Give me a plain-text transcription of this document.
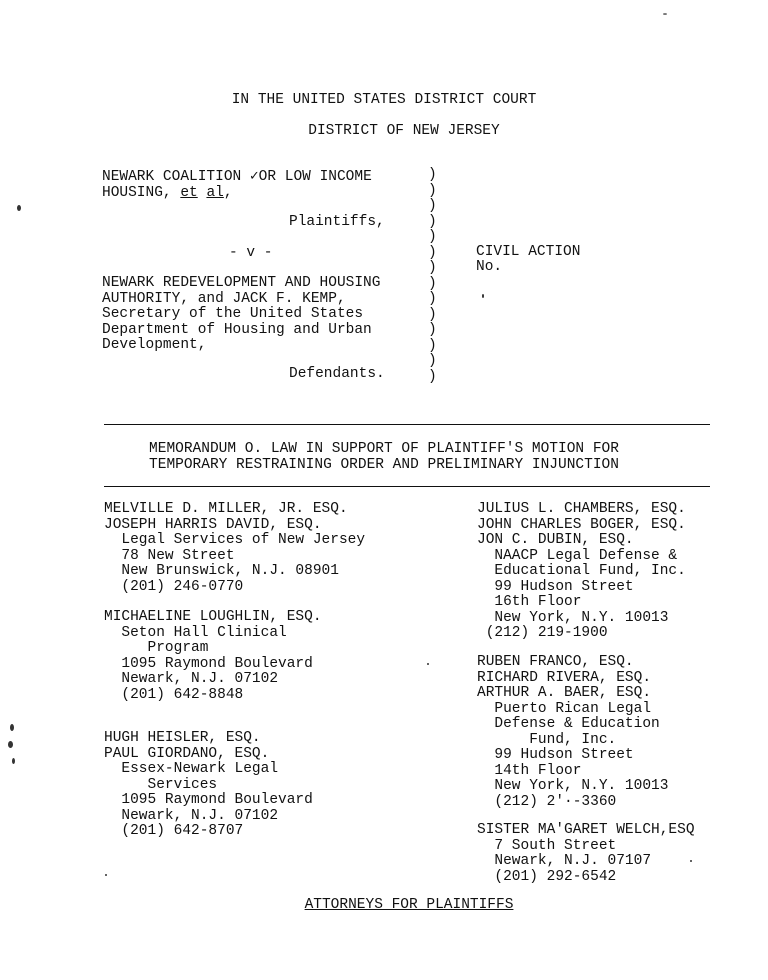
IN THE UNITED STATES DISTRICT COURT

DISTRICT OF NEW JERSEY

NEWARK COALITION ✓OR LOW INCOME

HOUSING, et al,

Plaintiffs,

- v -

NEWARK REDEVELOPMENT AND HOUSING
AUTHORITY, and JACK F. KEMP,
Secretary of the United States
Department of Housing and Urban
Development,

Defendants.

)
)
)
)
)
)
)
)
)
)
)
)
)
)

CIVIL ACTION

No.

MEMORANDUM O. LAW IN SUPPORT OF PLAINTIFF'S MOTION FOR

TEMPORARY RESTRAINING ORDER AND PRELIMINARY INJUNCTION

MELVILLE D. MILLER, JR. ESQ.
JOSEPH HARRIS DAVID, ESQ.
Legal Services of New Jersey
78 New Street
New Brunswick, N.J. 08901
(201) 246-0770
MICHAELINE LOUGHLIN, ESQ.
Seton Hall Clinical
Program
1095 Raymond Boulevard
Newark, N.J. 07102
(201) 642-8848
HUGH HEISLER, ESQ.
PAUL GIORDANO, ESQ.
Essex-Newark Legal
Services
1095 Raymond Boulevard
Newark, N.J. 07102
(201) 642-8707
JULIUS L. CHAMBERS, ESQ.
JOHN CHARLES BOGER, ESQ.
JON C. DUBIN, ESQ.
NAACP Legal Defense &
Educational Fund, Inc.
99 Hudson Street
16th Floor
New York, N.Y. 10013
(212) 219-1900
RUBEN FRANCO, ESQ.
RICHARD RIVERA, ESQ.
ARTHUR A. BAER, ESQ.
Puerto Rican Legal
Defense & Education
Fund, Inc.
99 Hudson Street
14th Floor
New York, N.Y. 10013
(212) 2'·-3360
SISTER MA'GARET WELCH,ESQ
7 South Street
Newark, N.J. 07107
(201) 292-6542

ATTORNEYS FOR PLAINTIFFS
